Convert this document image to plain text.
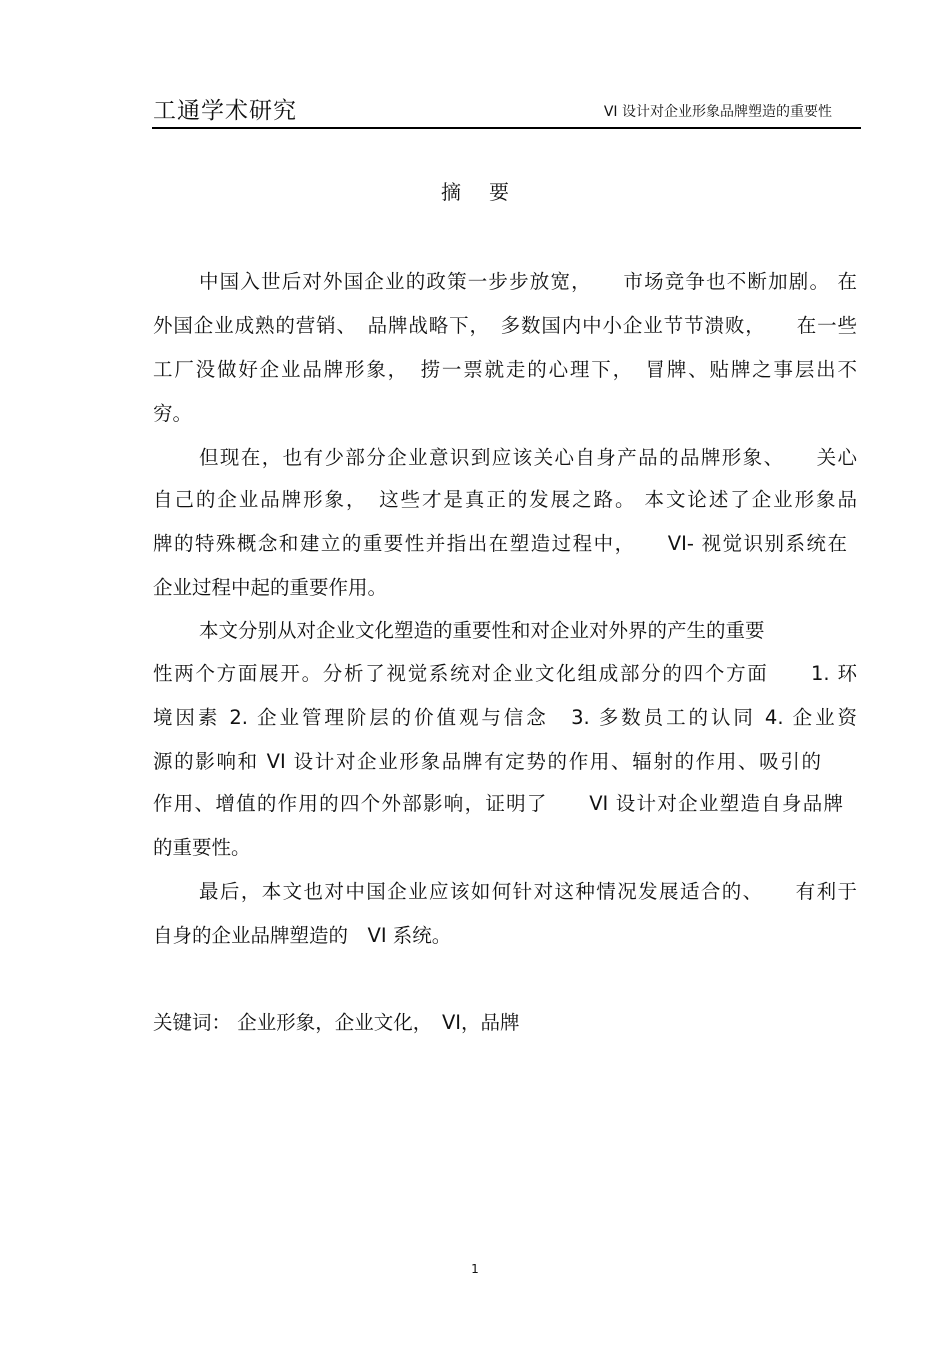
工通学术研究	VI 设计对企业形象品牌塑造的重要性
摘要
中国入世后对外国企业的政策一步步放宽，　　市场竞争也不断加剧。 在
外国企业成熟的营销、　品牌战略下，　多数国内中小企业节节溃败，　　在一些
工厂没做好企业品牌形象，　捞一票就走的心理下，　冒牌、贴牌之事层出不
穷。
但现在，也有少部分企业意识到应该关心自身产品的品牌形象、　　关心
自己的企业品牌形象，　这些才是真正的发展之路。 本文论述了企业形象品
牌的特殊概念和建立的重要性并指出在塑造过程中，　　VI- 视觉识别系统在
企业过程中起的重要作用。
本文分别从对企业文化塑造的重要性和对企业对外界的产生的重要
性两个方面展开。分析了视觉系统对企业文化组成部分的四个方面　　1. 环
境因素 2. 企业管理阶层的价值观与信念　3. 多数员工的认同 4. 企业资
源的影响和 VI 设计对企业形象品牌有定势的作用、辐射的作用、吸引的
作用、增值的作用的四个外部影响，证明了　　VI 设计对企业塑造自身品牌
的重要性。
最后，本文也对中国企业应该如何针对这种情况发展适合的、　　有利于
自身的企业品牌塑造的　VI 系统。
关键词： 企业形象，企业文化，　VI，品牌
1
